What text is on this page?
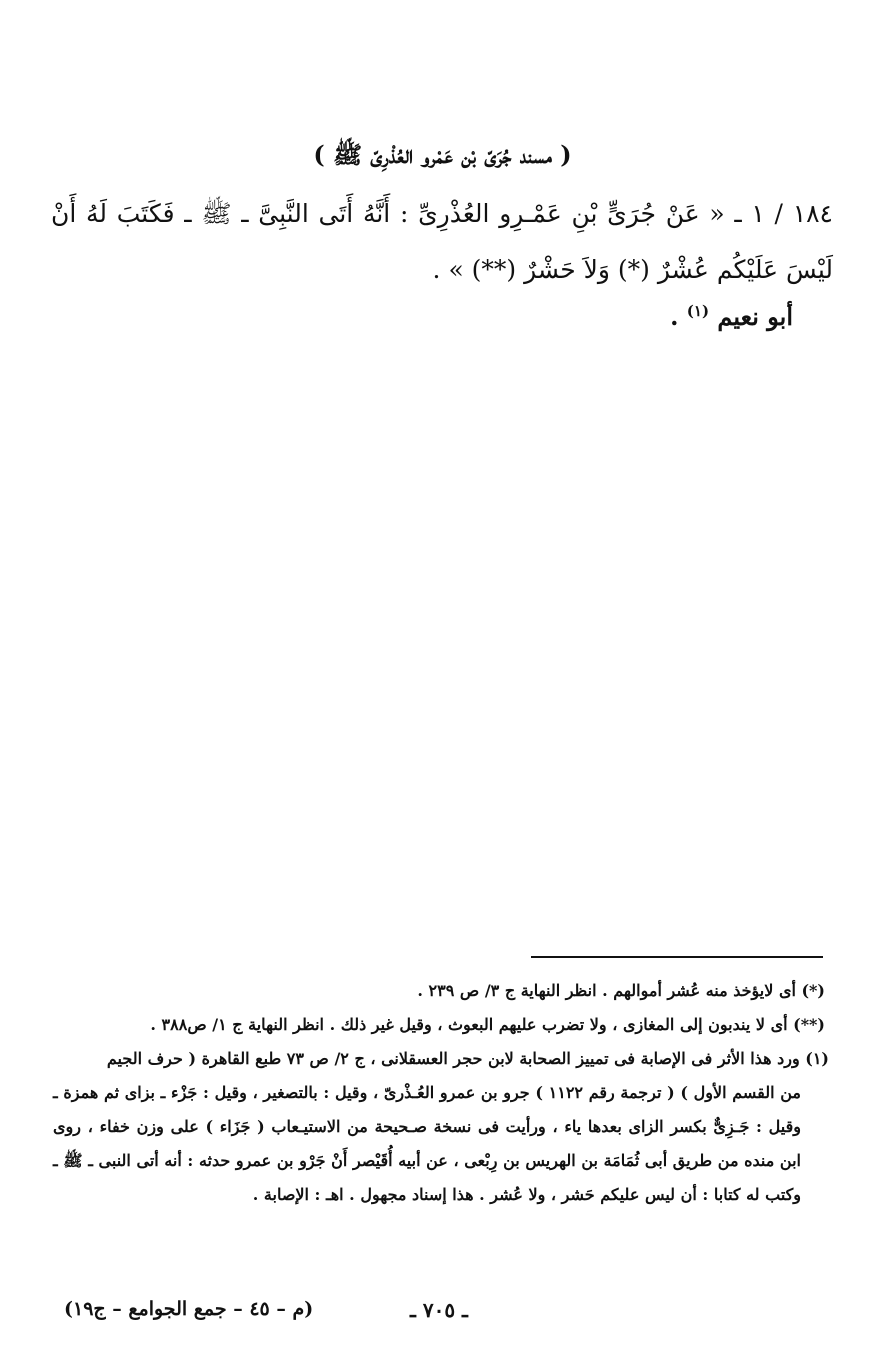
( مسند جُرَىّ بْن عَمْرو العُذْرِىّ ﷺ )
١٨٤ / ١ ـ « عَنْ جُرَىٍّ بْنِ عَمْـرِو العُذْرِىِّ : أَنَّهُ أَتَى النَّبِىَّ ـ ﷺ ـ فَكَتَبَ لَهُ أَنْ لَيْسَ عَلَيْكُم عُشْرٌ (*) وَلاَ حَشْرٌ (**) » .
أبو نعيم $^{(١)}$ .

(*) أى لايؤخذ منه عُشر أموالهم . انظر النهاية ج ٣/ ص ٢٣٩ .

(**) أى لا يندبون إلى المغازى ، ولا تضرب عليهم البعوث ، وقيل غير ذلك . انظر النهاية ج ١/ ص٣٨٨ .

(١) ورد هذا الأثر فى الإصابة فى تمييز الصحابة لابن حجر العسقلانى ، ج ٢/ ص ٧٣ طبع القاهرة ( حرف الجيم
من القسم الأول ) ( ترجمة رقم ١١٢٢ ) جرو بن عمرو العُـذْرىّ ، وقيل : بالتصغير ، وقيل : جَزْء ـ بزاى ثم همزة ـ وقيل : جَـزِىٌّ بكسر الزاى بعدها ياء ، ورأيت فى نسخة صـحيحة من الاستيـعاب ( جَزَاء ) على وزن خفاء ، روى ابن منده من طريق أبى ثُمَامَة بن الهريس بن رِبْعى ، عن أبيه أُقَيْصر أَنْ جَرْو بن عمرو حدثه : أنه أتى النبى ـ ﷺ ـ وكتب له كتابا : أن ليس عليكم حَشر ، ولا عُشر . هذا إسناد مجهول . اهـ : الإصابة .
ـ ٧٠٥ ـ
(م – ٤٥ – جمع الجوامع – ج١٩)
